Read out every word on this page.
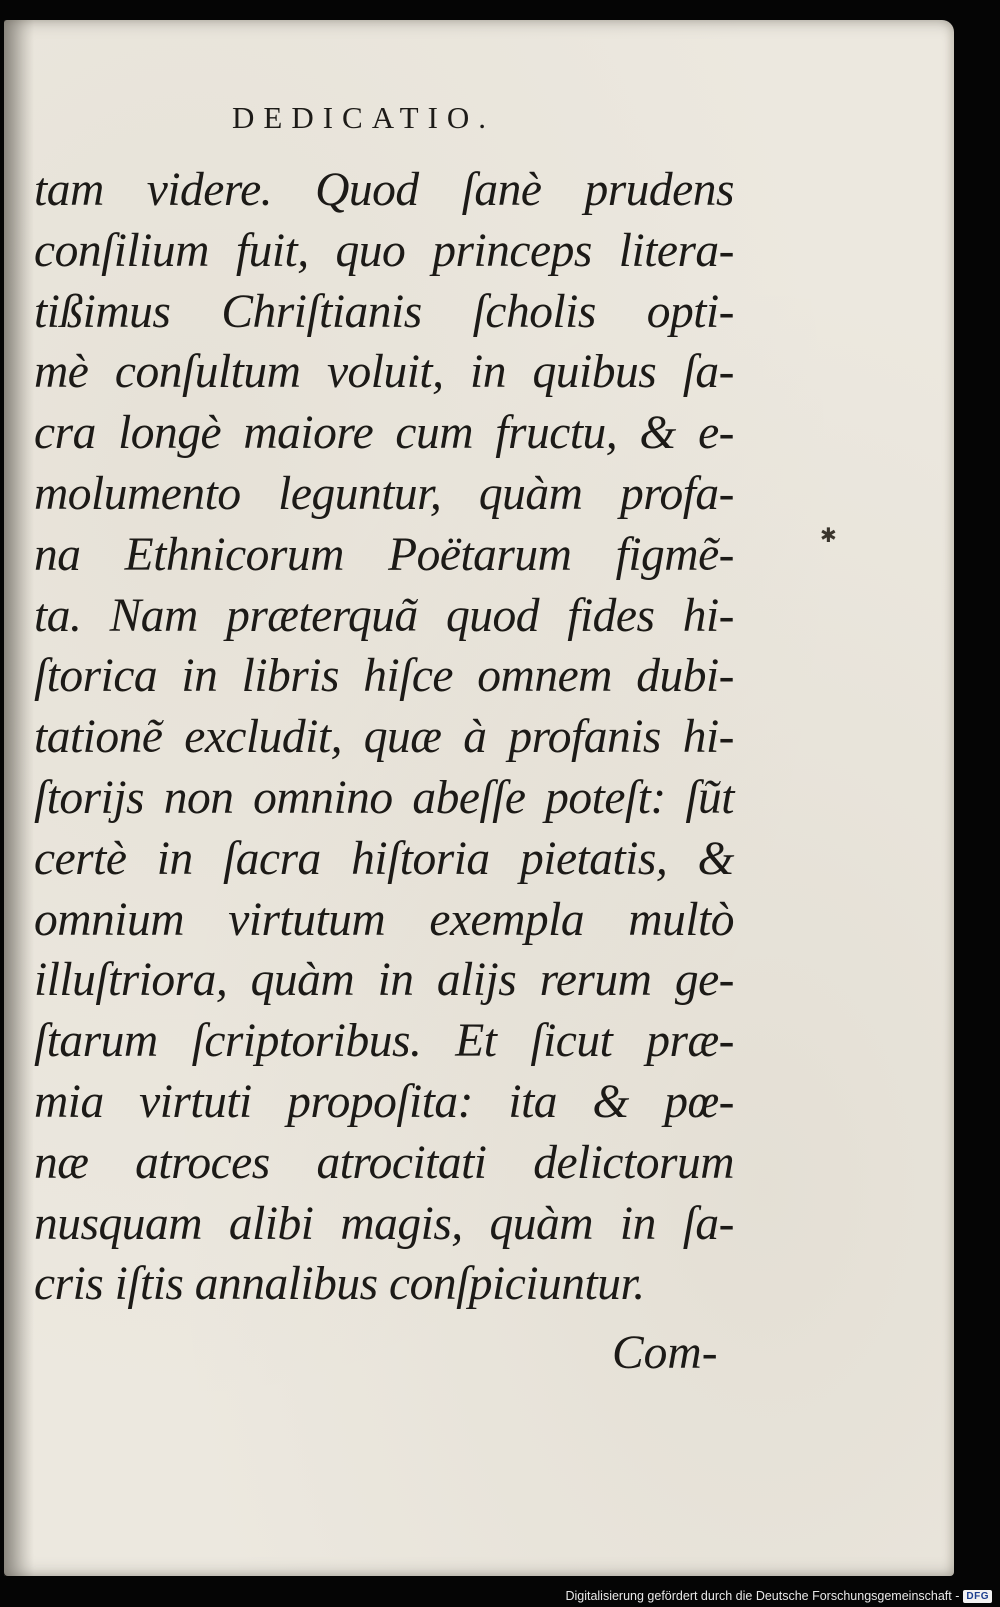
DEDICATIO.
tam videre. Quod ſanè prudens
conſilium fuit, quo princeps litera-
tißimus Chriſtianis ſcholis opti-
mè conſultum voluit, in quibus ſa-
cra longè maiore cum fructu, & e-
molumento leguntur, quàm profa-
na Ethnicorum Poëtarum figmẽ-
ta. Nam præterquã quod fides hi-
ſtorica in libris hiſce omnem dubi-
tationẽ excludit, quæ à profanis hi-
ſtorijs non omnino abeſſe poteſt: ſũt
certè in ſacra hiſtoria pietatis, &
omnium virtutum exempla multò
illuſtriora, quàm in alijs rerum ge-
ſtarum ſcriptoribus. Et ſicut præ-
mia virtuti propoſita: ita & pœ-
næ atroces atrocitati delictorum
nusquam alibi magis, quàm in ſa-
cris iſtis annalibus conſpiciuntur.
✱
Com-
Digitalisierung gefördert durch die Deutsche Forschungsgemeinschaft - DFG
